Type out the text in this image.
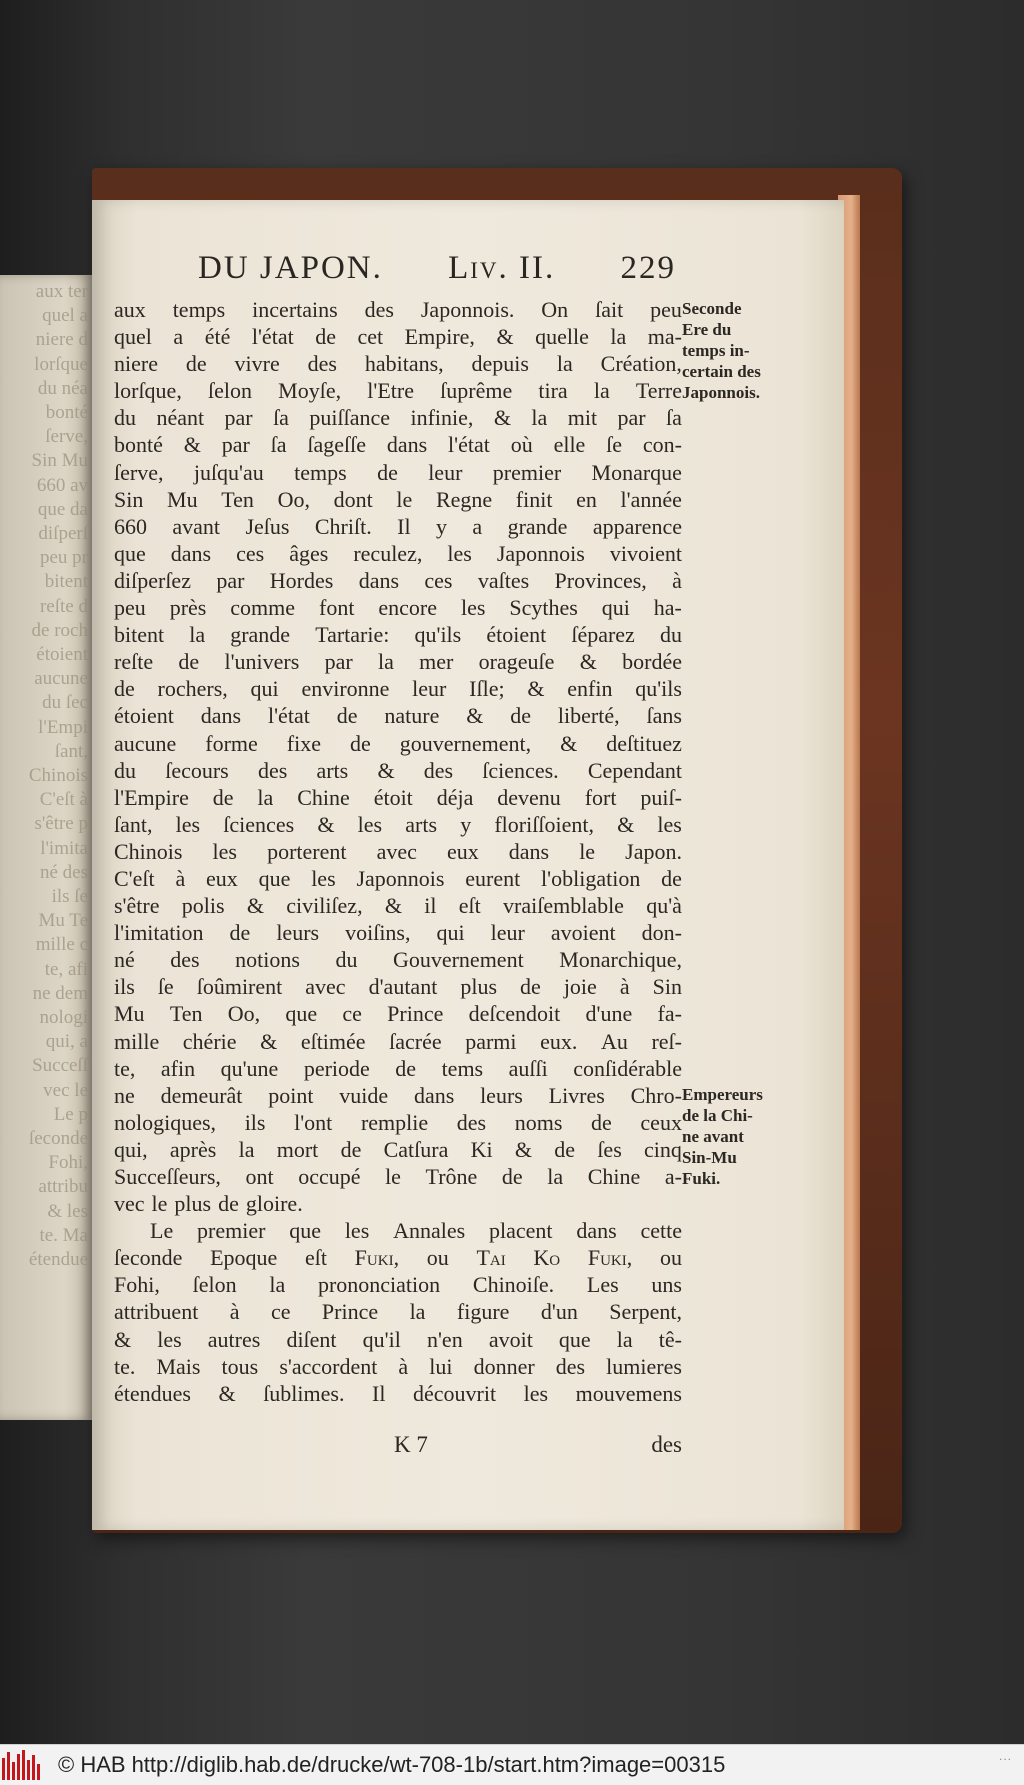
aux ter
quel a
niere d
lorſque
du néa
bonté
ſerve,
Sin Mu
660 av
que da
diſperſ
peu pr
bitent
reſte d
de roch
étoient
aucune
du ſec
l'Empi
ſant,
Chinois
C'eſt à
s'être p
l'imita
né des
ils ſe
Mu Te
mille c
te, afi
ne dem
nologi
qui, a
Succeſſ
vec le
Le p
ſeconde
Fohi,
attribu
& les
te. Ma
étendue
DU JAPON. Liv. II. 229
aux temps incertains des Japonnois. On ſait peu
quel a été l'état de cet Empire, & quelle la ma-
niere de vivre des habitans, depuis la Création,
lorſque, ſelon Moyſe, l'Etre ſuprême tira la Terre
du néant par ſa puiſſance infinie, & la mit par ſa
bonté & par ſa ſageſſe dans l'état où elle ſe con-
ſerve, juſqu'au temps de leur premier Monarque
Sin Mu Ten Oo, dont le Regne finit en l'année
660 avant Jeſus Chriſt. Il y a grande apparence
que dans ces âges reculez, les Japonnois vivoient
diſperſez par Hordes dans ces vaſtes Provinces, à
peu près comme font encore les Scythes qui ha-
bitent la grande Tartarie: qu'ils étoient ſéparez du
reſte de l'univers par la mer orageuſe & bordée
de rochers, qui environne leur Iſle; & enfin qu'ils
étoient dans l'état de nature & de liberté, ſans
aucune forme fixe de gouvernement, & deſtituez
du ſecours des arts & des ſciences. Cependant
l'Empire de la Chine étoit déja devenu fort puiſ-
ſant, les ſciences & les arts y floriſſoient, & les
Chinois les porterent avec eux dans le Japon.
C'eſt à eux que les Japonnois eurent l'obligation de
s'être polis & civiliſez, & il eſt vraiſemblable qu'à
l'imitation de leurs voiſins, qui leur avoient don-
né des notions du Gouvernement Monarchique,
ils ſe ſoûmirent avec d'autant plus de joie à Sin
Mu Ten Oo, que ce Prince deſcendoit d'une fa-
mille chérie & eſtimée ſacrée parmi eux. Au reſ-
te, afin qu'une periode de tems auſſi conſidérable
ne demeurât point vuide dans leurs Livres Chro-
nologiques, ils l'ont remplie des noms de ceux
qui, après la mort de Catſura Ki & de ſes cinq
Succeſſeurs, ont occupé le Trône de la Chine a-
vec le plus de gloire.
Le premier que les Annales placent dans cette
ſeconde Epoque eſt Fuki, ou Tai Ko Fuki, ou
Fohi, ſelon la prononciation Chinoiſe. Les uns
attribuent à ce Prince la figure d'un Serpent,
& les autres diſent qu'il n'en avoit que la tê-
te. Mais tous s'accordent à lui donner des lumieres
étendues & ſublimes. Il découvrit les mouvemens
Seconde
Ere du
temps in-
certain des
Japonnois.
Empereurs
de la Chi-
ne avant
Sin-Mu
Fuki.
K 7	des
© HAB http://diglib.hab.de/drucke/wt-708-1b/start.htm?image=00315	...
